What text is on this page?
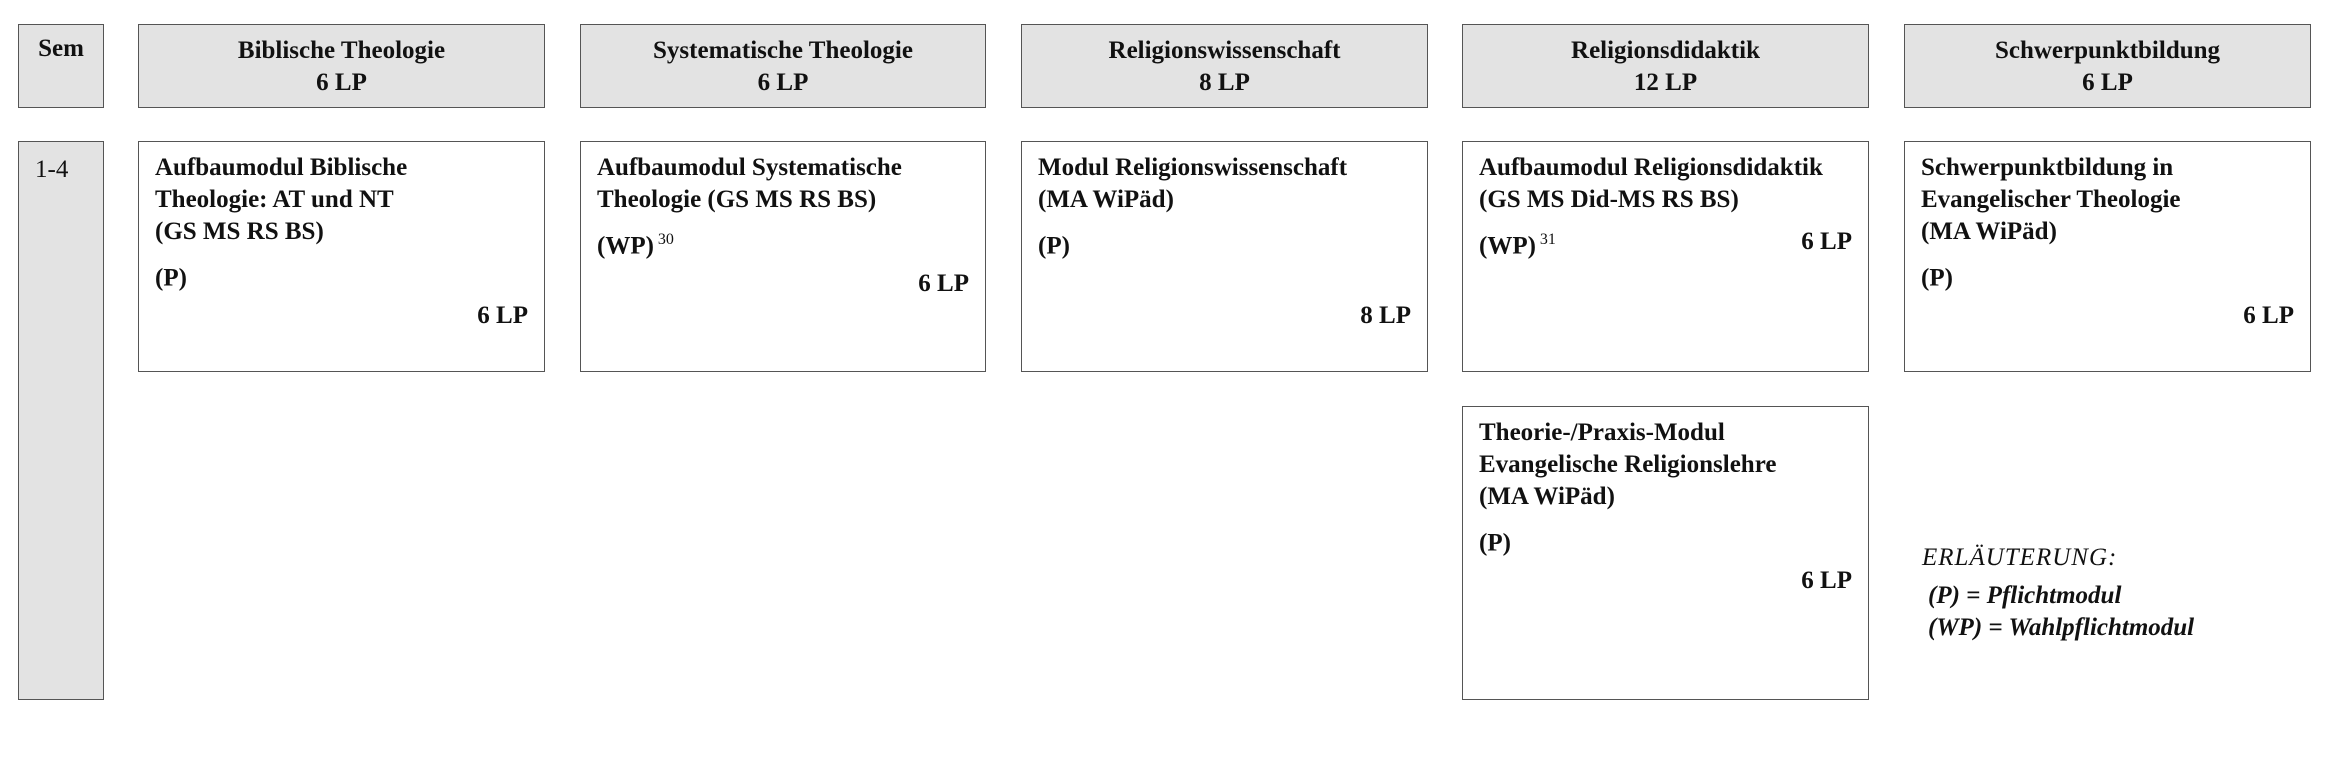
Sem
1-4
Biblische Theologie
6 LP
Systematische Theologie
6 LP
Religionswissenschaft
8 LP
Religionsdidaktik
12 LP
Schwerpunktbildung
6 LP
Aufbaumodul Biblische
Theologie: AT und NT
(GS MS RS BS)
(P)
6 LP
Aufbaumodul Systematische
Theologie (GS MS RS BS)
(WP) $^{30}$
6 LP
Modul Religionswissenschaft
(MA WiPäd)
(P)
8 LP
Aufbaumodul Religionsdidaktik
(GS MS Did-MS RS BS)
(WP) $^{31}$	6 LP
Schwerpunktbildung in
Evangelischer Theologie
(MA WiPäd)
(P)
6 LP
Theorie-/Praxis-Modul
Evangelische Religionslehre
(MA WiPäd)
(P)
6 LP
ERLÄUTERUNG:
(P) = Pflichtmodul
(WP) = Wahlpflichtmodul
